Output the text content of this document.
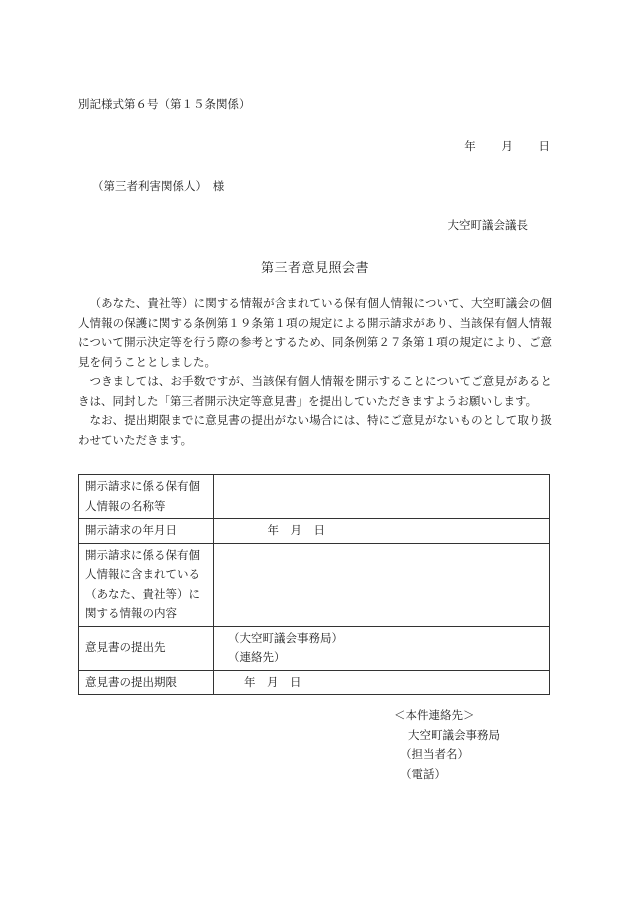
別記様式第６号（第１５条関係）
年 月 日
（第三者利害関係人）　様
大空町議会議長
第三者意見照会書

（あなた、貴社等）に関する情報が含まれている保有個人情報について、大空町議会の個人情報の保護に関する条例第１９条第１項の規定による開示請求があり、当該保有個人情報について開示決定等を行う際の参考とするため、同条例第２７条第１項の規定により、ご意見を伺うこととしました。

つきましては、お手数ですが、当該保有個人情報を開示することについてご意見があるときは、同封した「第三者開示決定等意見書」を提出していただきますようお願いします。

なお、提出期限までに意見書の提出がない場合には、特にご意見がないものとして取り扱わせていただきます。

開示請求に係る保有個人情報の名称等	
開示請求の年月日	　年　月　日
開示請求に係る保有個人情報に含まれている（あなた、貴社等）に関する情報の内容	
意見書の提出先	（大空町議会事務局）
（連絡先）

意見書の提出期限	年　月　日
＜本件連絡先＞
大空町議会事務局
（担当者名）
（電話）
